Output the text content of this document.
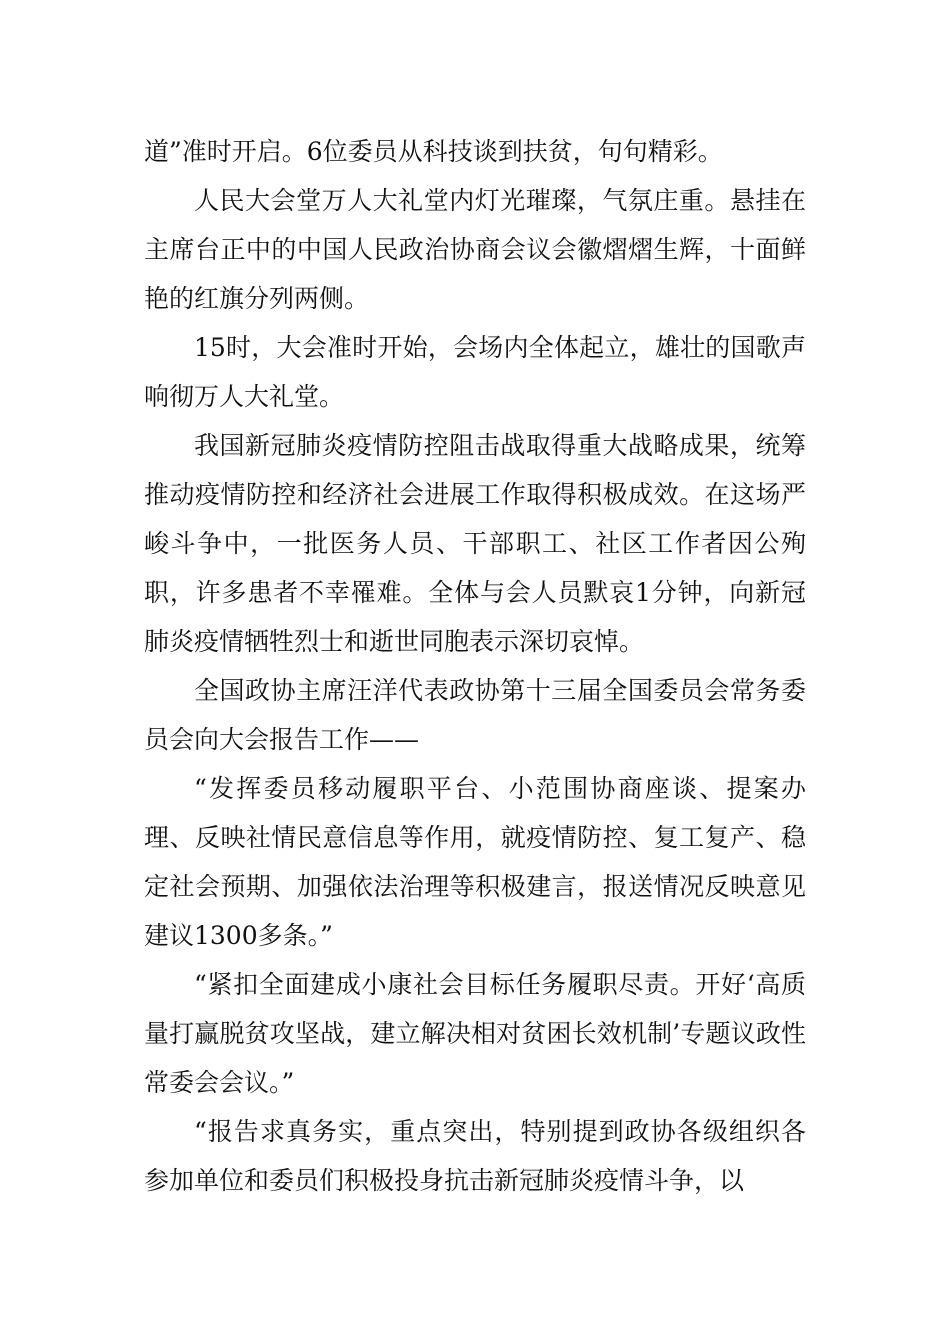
道”准时开启。6位委员从科技谈到扶贫，句句精彩。

人民大会堂万人大礼堂内灯光璀璨，气氛庄重。悬挂在主席台正中的中国人民政治协商会议会徽熠熠生辉，十面鲜艳的红旗分列两侧。

15时，大会准时开始，会场内全体起立，雄壮的国歌声响彻万人大礼堂。

我国新冠肺炎疫情防控阻击战取得重大战略成果，统筹推动疫情防控和经济社会进展工作取得积极成效。在这场严峻斗争中，一批医务人员、干部职工、社区工作者因公殉职，许多患者不幸罹难。全体与会人员默哀1分钟，向新冠肺炎疫情牺牲烈士和逝世同胞表示深切哀悼。

全国政协主席汪洋代表政协第十三届全国委员会常务委员会向大会报告工作——

“发挥委员移动履职平台、小范围协商座谈、提案办理、反映社情民意信息等作用，就疫情防控、复工复产、稳定社会预期、加强依法治理等积极建言，报送情况反映意见建议1300多条。”

“紧扣全面建成小康社会目标任务履职尽责。开好‘高质量打赢脱贫攻坚战，建立解决相对贫困长效机制’专题议政性常委会会议。”

“报告求真务实，重点突出，特别提到政协各级组织各参加单位和委员们积极投身抗击新冠肺炎疫情斗争，以
